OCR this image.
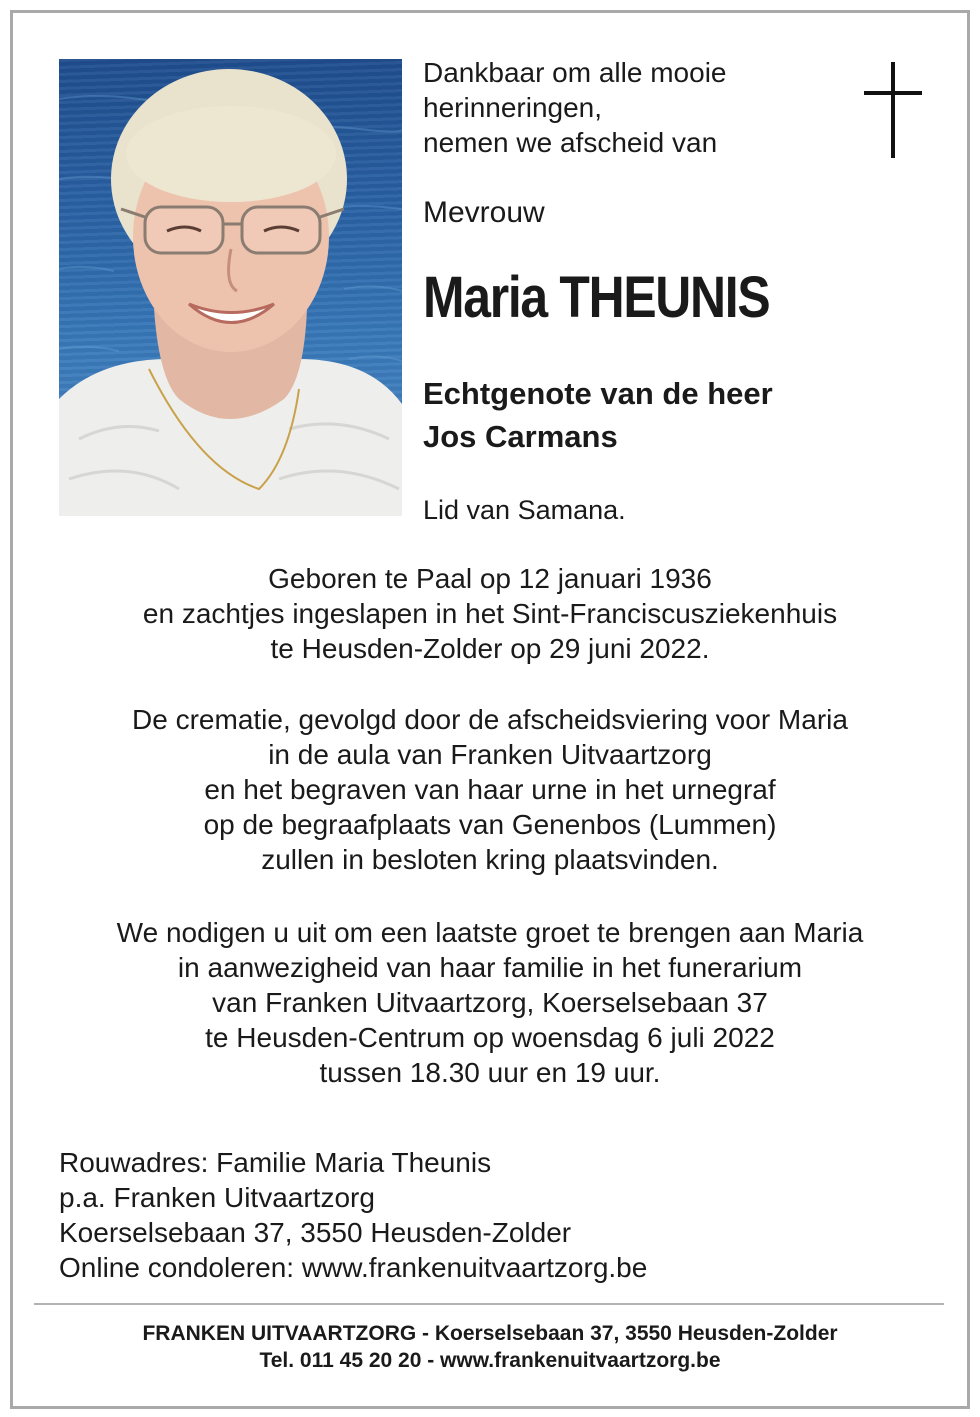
Dankbaar om alle mooie
herinneringen,
nemen we afscheid van
Mevrouw
Maria THEUNIS
Echtgenote van de heer
Jos Carmans
Lid van Samana.
Geboren te Paal op 12 januari 1936
en zachtjes ingeslapen in het Sint-Franciscusziekenhuis
te Heusden-Zolder op 29 juni 2022.
De crematie, gevolgd door de afscheidsviering voor Maria
in de aula van Franken Uitvaartzorg
en het begraven van haar urne in het urnegraf
op de begraafplaats van Genenbos (Lummen)
zullen in besloten kring plaatsvinden.
We nodigen u uit om een laatste groet te brengen aan Maria
in aanwezigheid van haar familie in het funerarium
van Franken Uitvaartzorg, Koerselsebaan 37
te Heusden-Centrum op woensdag 6 juli 2022
tussen 18.30 uur en 19 uur.
Rouwadres: Familie Maria Theunis
p.a. Franken Uitvaartzorg
Koerselsebaan 37, 3550 Heusden-Zolder
Online condoleren: www.frankenuitvaartzorg.be
FRANKEN UITVAARTZORG - Koerselsebaan 37, 3550 Heusden-Zolder
Tel. 011 45 20 20 - www.frankenuitvaartzorg.be
